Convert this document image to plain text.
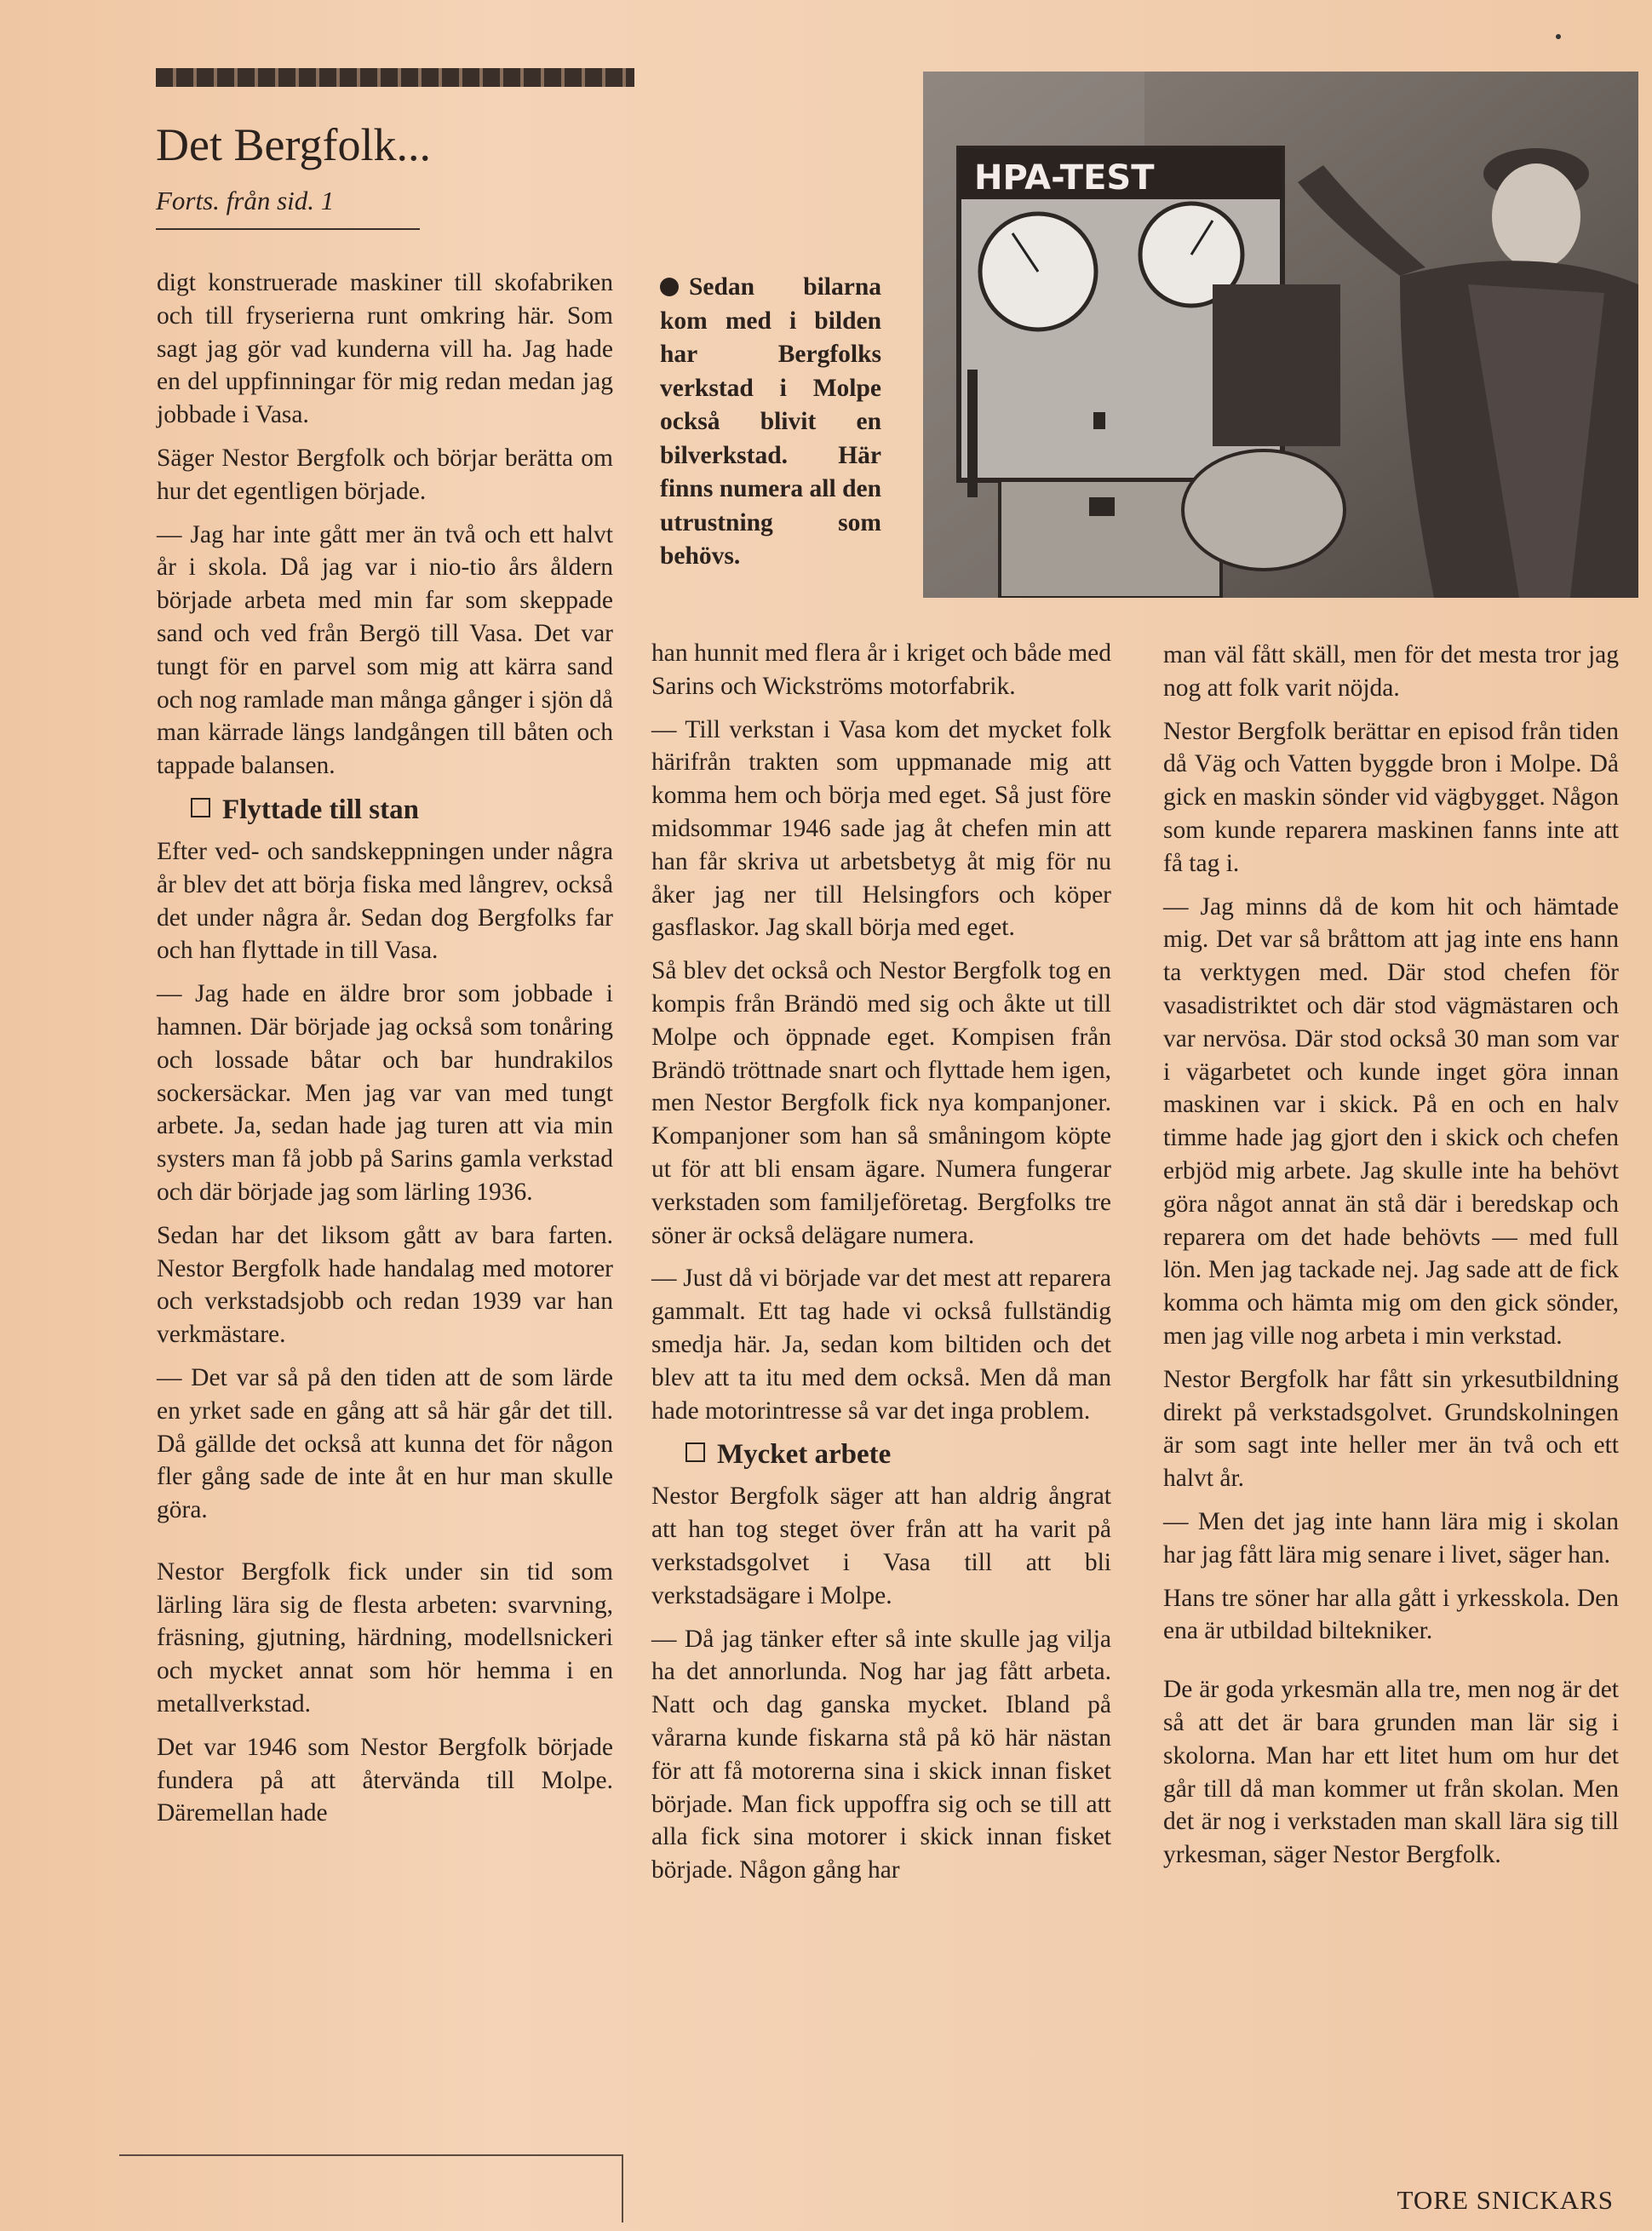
Det Bergfolk...
Forts. från sid. 1
HPA-TEST
Sedan bilarna kom med i bilden har Bergfolks verkstad i Molpe också blivit en bilverkstad. Här finns numera all den utrustning som behövs.

digt konstruerade maskiner till skofabriken och till fryserierna runt omkring här. Som sagt jag gör vad kunderna vill ha. Jag hade en del uppfinningar för mig redan medan jag jobbade i Vasa.

Säger Nestor Bergfolk och börjar berätta om hur det egentligen började.

— Jag har inte gått mer än två och ett halvt år i skola. Då jag var i nio-tio års åldern började arbeta med min far som skeppade sand och ved från Bergö till Vasa. Det var tungt för en parvel som mig att kärra sand och nog ramlade man många gånger i sjön då man kärrade längs landgången till båten och tappade balansen.

Flyttade till stan

Efter ved- och sandskeppningen under några år blev det att börja fiska med långrev, också det under några år. Sedan dog Bergfolks far och han flyttade in till Vasa.

— Jag hade en äldre bror som jobbade i hamnen. Där började jag också som tonåring och lossade båtar och bar hundrakilos sockersäckar. Men jag var van med tungt arbete. Ja, sedan hade jag turen att via min systers man få jobb på Sarins gamla verkstad och där började jag som lärling 1936.

Sedan har det liksom gått av bara farten. Nestor Bergfolk hade handalag med motorer och verkstadsjobb och redan 1939 var han verkmästare.

— Det var så på den tiden att de som lärde en yrket sade en gång att så här går det till. Då gällde det också att kunna det för någon fler gång sade de inte åt en hur man skulle göra.

Nestor Bergfolk fick under sin tid som lärling lära sig de flesta arbeten: svarvning, fräsning, gjutning, härdning, modellsnickeri och mycket annat som hör hemma i en metallverkstad.

Det var 1946 som Nestor Bergfolk började fundera på att återvända till Molpe. Däremellan hade

han hunnit med flera år i kriget och både med Sarins och Wickströms motorfabrik.

— Till verkstan i Vasa kom det mycket folk härifrån trakten som uppmanade mig att komma hem och börja med eget. Så just före midsommar 1946 sade jag åt chefen min att han får skriva ut arbetsbetyg åt mig för nu åker jag ner till Helsingfors och köper gasflaskor. Jag skall börja med eget.

Så blev det också och Nestor Bergfolk tog en kompis från Brändö med sig och åkte ut till Molpe och öppnade eget. Kompisen från Brändö tröttnade snart och flyttade hem igen, men Nestor Bergfolk fick nya kompanjoner. Kompanjoner som han så småningom köpte ut för att bli ensam ägare. Numera fungerar verkstaden som familjeföretag. Bergfolks tre söner är också delägare numera.

— Just då vi började var det mest att reparera gammalt. Ett tag hade vi också fullständig smedja här. Ja, sedan kom biltiden och det blev att ta itu med dem också. Men då man hade motorintresse så var det inga problem.

Mycket arbete

Nestor Bergfolk säger att han aldrig ångrat att han tog steget över från att ha varit på verkstadsgolvet i Vasa till att bli verkstadsägare i Molpe.

— Då jag tänker efter så inte skulle jag vilja ha det annorlunda. Nog har jag fått arbeta. Natt och dag ganska mycket. Ibland på vårarna kunde fiskarna stå på kö här nästan för att få motorerna sina i skick innan fisket började. Man fick uppoffra sig och se till att alla fick sina motorer i skick innan fisket började. Någon gång har

man väl fått skäll, men för det mesta tror jag nog att folk varit nöjda.

Nestor Bergfolk berättar en episod från tiden då Väg och Vatten byggde bron i Molpe. Då gick en maskin sönder vid vägbygget. Någon som kunde reparera maskinen fanns inte att få tag i.

— Jag minns då de kom hit och hämtade mig. Det var så bråttom att jag inte ens hann ta verktygen med. Där stod chefen för vasadistriktet och där stod vägmästaren och var nervösa. Där stod också 30 man som var i vägarbetet och kunde inget göra innan maskinen var i skick. På en och en halv timme hade jag gjort den i skick och chefen erbjöd mig arbete. Jag skulle inte ha behövt göra något annat än stå där i beredskap och reparera om det hade behövts — med full lön. Men jag tackade nej. Jag sade att de fick komma och hämta mig om den gick sönder, men jag ville nog arbeta i min verkstad.

Nestor Bergfolk har fått sin yrkesutbildning direkt på verkstadsgolvet. Grundskolningen är som sagt inte heller mer än två och ett halvt år.

— Men det jag inte hann lära mig i skolan har jag fått lära mig senare i livet, säger han.

Hans tre söner har alla gått i yrkesskola. Den ena är utbildad biltekniker.

De är goda yrkesmän alla tre, men nog är det så att det är bara grunden man lär sig i skolorna. Man har ett litet hum om hur det går till då man kommer ut från skolan. Men det är nog i verkstaden man skall lära sig till yrkesman, säger Nestor Bergfolk.

TORE SNICKARS
